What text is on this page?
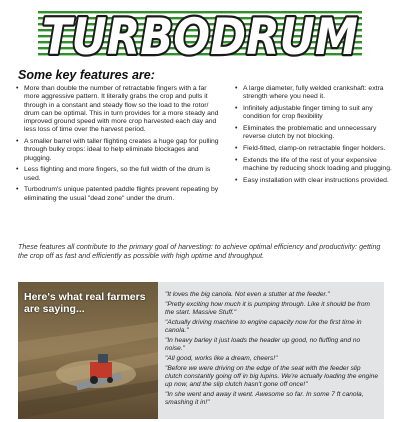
TURBODRUM
Some key features are:
• More than double the number of retractable fingers with a far more aggressive pattern. It literally grabs the crop and pulls it through in a constant and steady flow so the load to the rotor/ drum can be optimal. This in turn provides for a more steady and improved ground speed with more crop harvested each day and less loss of time over the harvest period.
• A smaller barrel with taller flighting creates a huge gap for pulling through bulky crops: ideal to help eliminate blockages and plugging.
• Less flighting and more fingers, so the full width of the drum is used.
• Turbodrum's unique patented paddle flights prevent repeating by eliminating the usual "dead zone" under the drum.
• A large diameter, fully welded crankshaft: extra strength where you need it.
• Infinitely adjustable finger timing to suit any condition for crop flexibility
• Eliminates the problematic and unnecessary reverse clutch by not blocking.
• Field-fitted, clamp-on retractable finger holders.
• Extends the life of the rest of your expensive machine by reducing shock loading and plugging.
• Easy installation with clear instructions provided.

These features all contribute to the primary goal of harvesting: to achieve optimal efficiency and productivity: getting the crop off as fast and efficiently as possible with high uptime and throughput.

Here's what real farmers are saying...

"It loves the big canola. Not even a stutter at the feeder."

"Pretty exciting how much it is pumping through. Like it should be from the start. Massive Stuff."

"Actually driving machine to engine capacity now for the first time in canola."

"In heavy barley it just loads the header up good, no fluffing and no noise."

"All good, works like a dream, cheers!"

"Before we were driving on the edge of the seat with the feeder slip clutch constantly going off in big lupins. We're actually loading the engine up now, and the slip clutch hasn't gone off once!"

"In she went and away it went. Awesome so far. In some 7 ft canola, smashing it in!"
